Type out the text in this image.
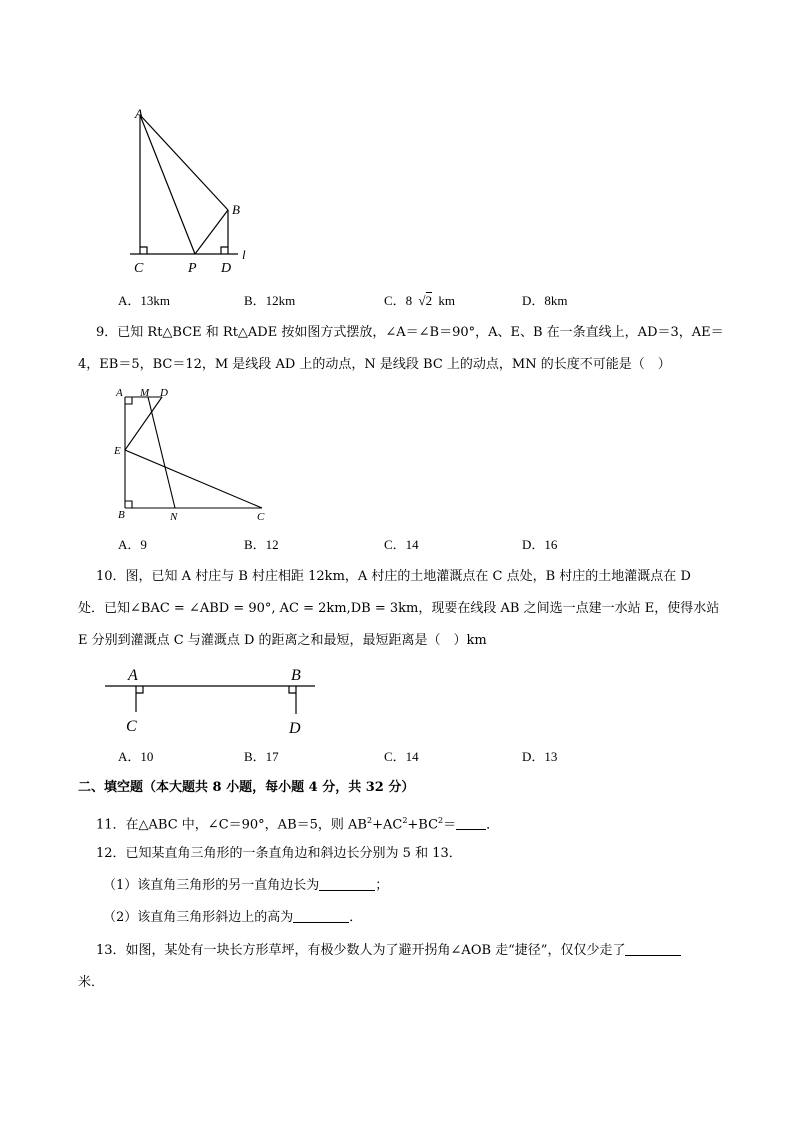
A
B
C	P D
l
A．13km	B．12km	C．8 √2 km	D．8km
9．已知 Rt△BCE 和 Rt△ADE 按如图方式摆放，∠A＝∠B＝90°，A、E、B 在一条直线上，AD＝3，AE＝
4，EB＝5，BC＝12，M 是线段 AD 上的动点，N 是线段 BC 上的动点，MN 的长度不可能是（　）
A M D
E
B	N	C
A．9	B．12	C．14	D．16
10．图，已知 A 村庄与 B 村庄相距 12km，A 村庄的土地灌溉点在 C 点处，B 村庄的土地灌溉点在 D
处．已知∠BAC = ∠ABD = 90°, AC = 2km,DB = 3km，现要在线段 AB 之间选一点建一水站 E，使得水站
E 分别到灌溉点 C 与灌溉点 D 的距离之和最短，最短距离是（　）km
A	B
C	D
A．10	B．17	C．14	D．13
二、填空题（本大题共 8 小题，每小题 4 分，共 32 分）
11．在△ABC 中，∠C＝90°，AB＝5，则 $AB^2+AC^2+BC^2=$ ．
12．已知某直角三角形的一条直角边和斜边长分别为 5 和 13．
（1）该直角三角形的另一直角边长为	；
（2）该直角三角形斜边上的高为	．
13．如图，某处有一块长方形草坪，有极少数人为了避开拐角∠AOB 走“捷径”，仅仅少走了
米．
